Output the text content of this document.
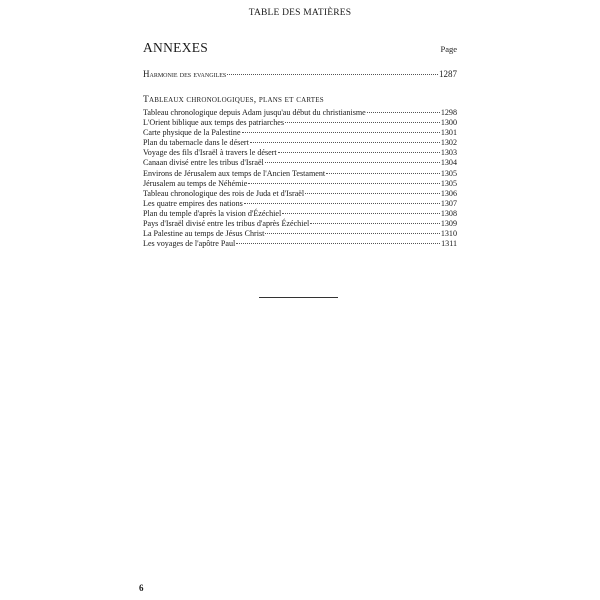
TABLE DES MATIÈRES
ANNEXES	Page
Harmonie des evangiles	1287
Tableaux chronologiques, plans et cartes
Tableau chronologique depuis Adam jusqu'au début du christianisme	1298
L'Orient biblique aux temps des patriarches	1300
Carte physique de la Palestine	1301
Plan du tabernacle dans le désert	1302
Voyage des fils d'Israël à travers le désert	1303
Canaan divisé entre les tribus d'Israël	1304
Environs de Jérusalem aux temps de l'Ancien Testament	1305
Jérusalem au temps de Néhémie	1305
Tableau chronologique des rois de Juda et d'Israël	1306
Les quatre empires des nations	1307
Plan du temple d'après la vision d'Ézéchiel	1308
Pays d'Israël divisé entre les tribus d'après Ézéchiel	1309
La Palestine au temps de Jésus Christ	1310
Les voyages de l'apôtre Paul	1311
6
